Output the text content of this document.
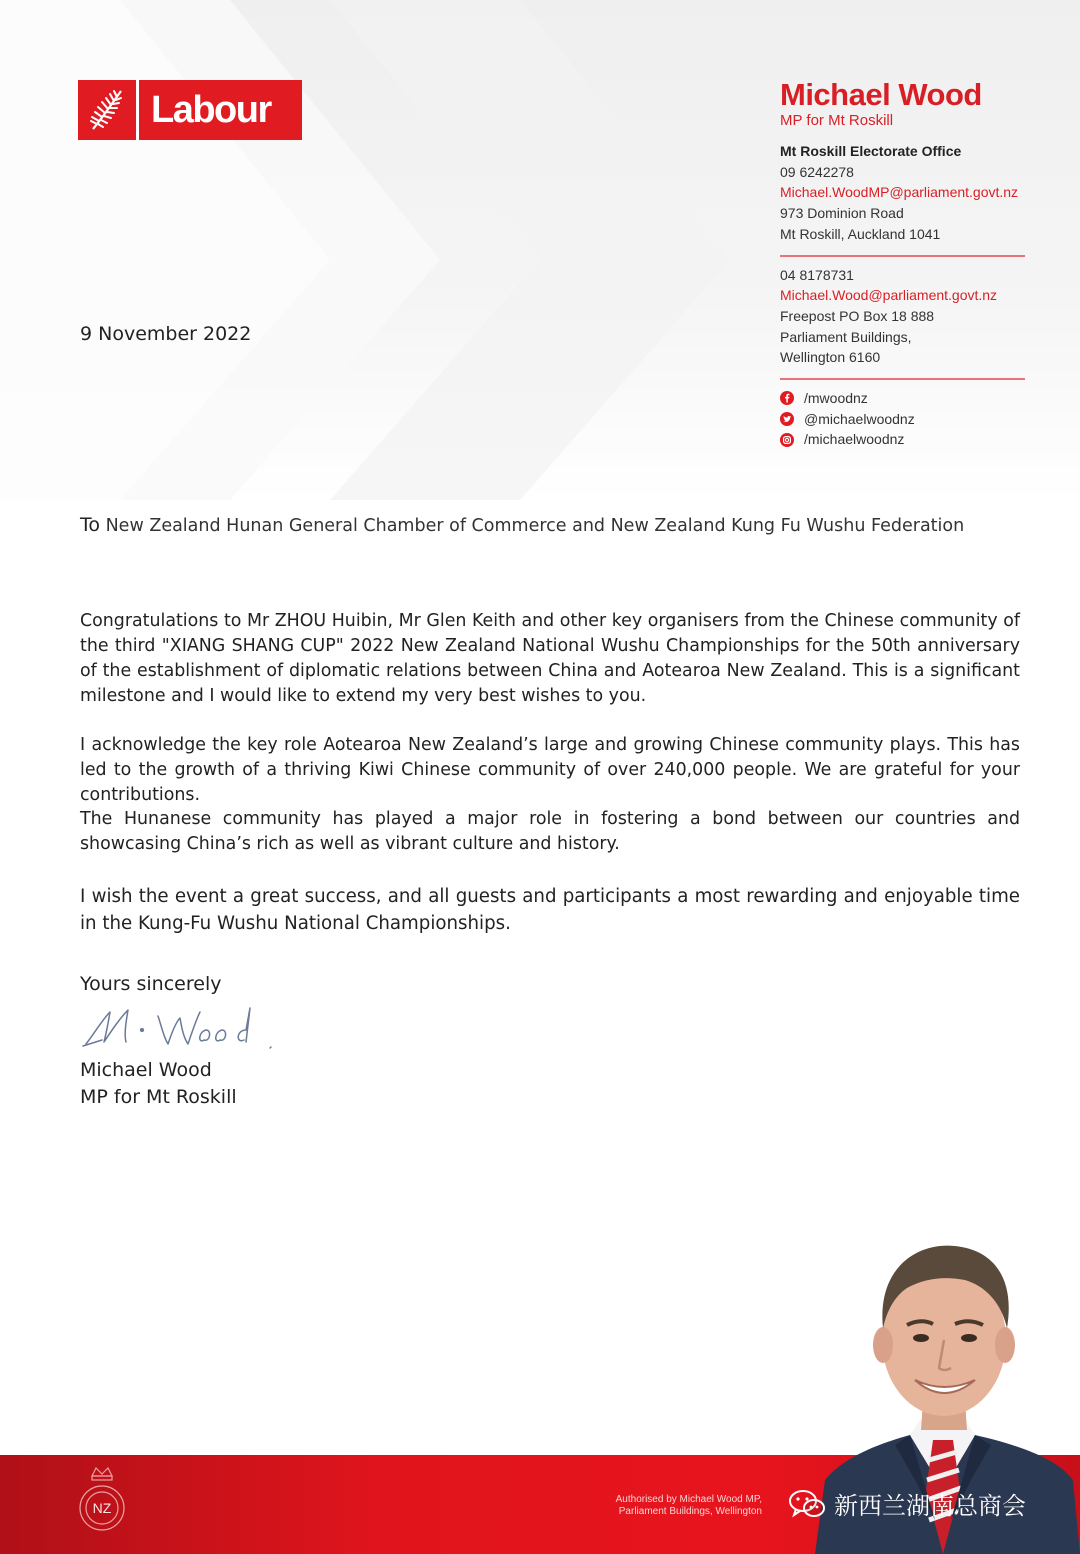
Labour	Michael Wood
MP for Mt Roskill
Mt Roskill Electorate Office
09 6242278
Michael.WoodMP@parliament.govt.nz
973 Dominion Road
Mt Roskill, Auckland 1041
04 8178731
Michael.Wood@parliament.govt.nz
Freepost PO Box 18 888
Parliament Buildings,
Wellington 6160
/mwoodnz
@michaelwoodnz
/michaelwoodnz
9 November 2022
To New Zealand Hunan General Chamber of Commerce and New Zealand Kung Fu Wushu Federation

Congratulations to Mr ZHOU Huibin, Mr Glen Keith and other key organisers from the Chinese community of the third "XIANG SHANG CUP" 2022 New Zealand National Wushu Championships for the 50th anniversary of the establishment of diplomatic relations between China and Aotearoa New Zealand. This is a significant milestone and I would like to extend my very best wishes to you.

I acknowledge the key role Aotearoa New Zealand’s large and growing Chinese community plays. This has led to the growth of a thriving Kiwi Chinese community of over 240,000 people. We are grateful for your contributions.

The Hunanese community has played a major role in fostering a bond between our countries and showcasing China’s rich as well as vibrant culture and history.

I wish the event a great success, and all guests and participants a most rewarding and enjoyable time in the Kung-Fu Wushu National Championships.

Yours sincerely
Michael Wood
MP for Mt Roskill
NZ
Authorised by Michael Wood MP,
Parliament Buildings, Wellington	新西兰湖南总商会
